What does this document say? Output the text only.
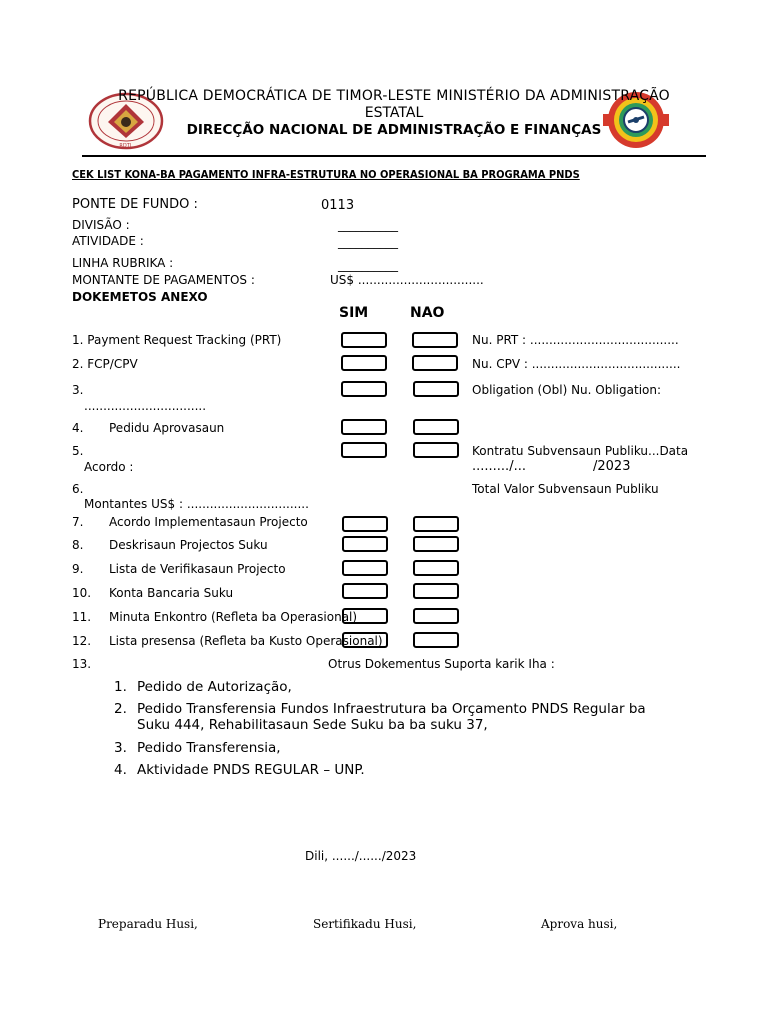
RDTL
REPÚBLICA DEMOCRÁTICA DE TIMOR-LESTE MINISTÉRIO DA ADMINISTRAÇÃO
ESTATAL
DIRECÇÃO NACIONAL DE ADMINISTRAÇÃO E FINANÇAS
CEK LIST KONA-BA PAGAMENTO INFRA-ESTRUTURA NO OPERASIONAL BA PROGRAMA PNDS
PONTE DE FUNDO :	0113
DIVISÃO :	__________
ATIVIDADE :	__________
LINHA RUBRIKA :	__________
MONTANTE DE PAGAMENTOS :	US$ .................................
DOKEMETOS ANEXO
SIM	NAO
1. Payment Request Tracking (PRT)	Nu. PRT : .......................................
2. FCP/CPV	Nu. CPV : .......................................
3.	Obligation (Obl) Nu. Obligation:
................................
4. Pedidu Aprovasaun
5.	Kontratu Subvensaun Publiku...Data
Acordo :	........./...	/2023
6.	Total Valor Subvensaun Publiku
Montantes US$ : ................................
7. Acordo Implementasaun Projecto
8. Deskrisaun Projectos Suku
9. Lista de Verifikasaun Projecto
10. Konta Bancaria Suku
11. Minuta Enkontro (Refleta ba Operasional)
12. Lista presensa (Refleta ba Kusto Operasional)
13.	Otrus Dokementus Suporta karik Iha :
1. Pedido de Autorização,
2. Pedido Transferensia Fundos Infraestrutura ba Orçamento PNDS Regular ba
Suku 444, Rehabilitasaun Sede Suku ba ba suku 37,
3. Pedido Transferensia,
4. Aktividade PNDS REGULAR – UNP.
Dili, ....../....../2023
Preparadu Husi,	Sertifikadu Husi,	Aprova husi,
